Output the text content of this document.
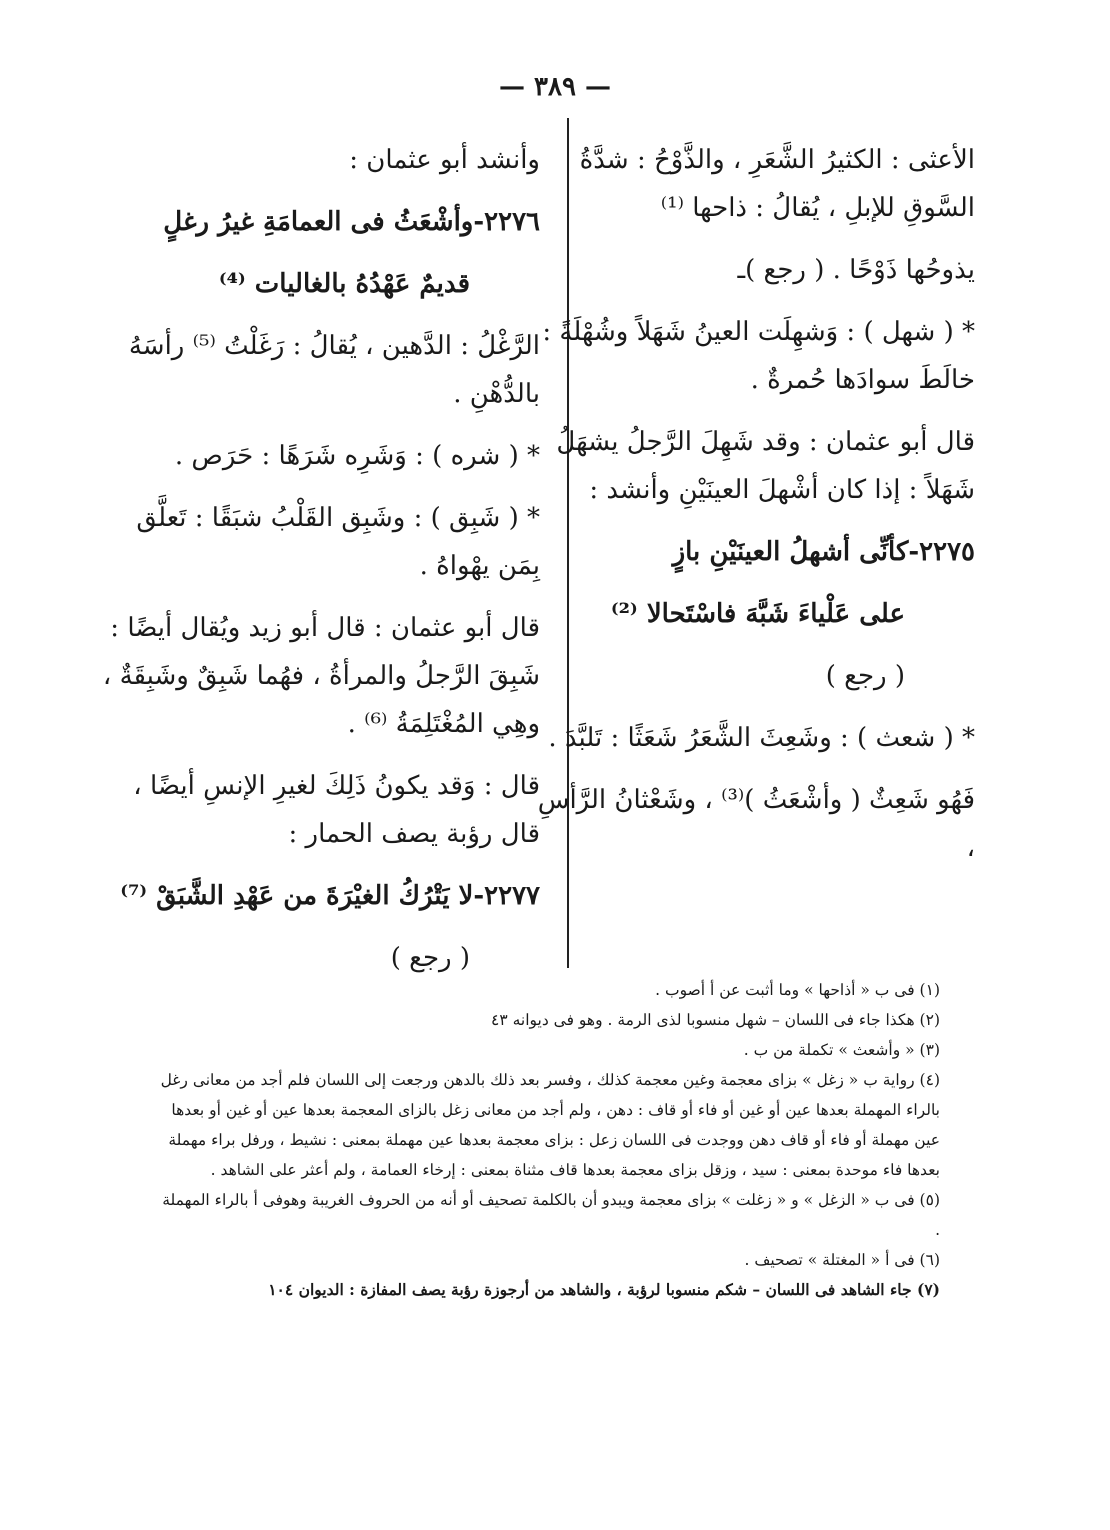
— ٣٨٩ —

الأعثى : الكثيرُ الشَّعَرِ ، والذَّوْحُ : شدَّةُ السَّوقِ للإبلِ ، يُقالُ : ذاحها ⁽¹⁾

يذوحُها ذَوْحًا . ( رجع )ـ

* ( شهل ) : وَشهِلَت العينُ شَهَلاً وشُهْلَةً : خالَطَ سوادَها حُمرةٌ .

قال أبو عثمان : وقد شَهِلَ الرَّجلُ يشهَلُ شَهَلاً : إذا كان أشْهلَ العينَيْنِ وأنشد :

٢٢٧٥-كأنِّى أشهلُ العينَيْنِ بازٍ

على عَلْياءَ شَبَّهَ فاسْتَحالا ⁽²⁾

( رجع )

* ( شعث ) : وشَعِثَ الشَّعَرُ شَعَثًا : تَلبَّدَ .

فَهُو شَعِثٌ ( وأشْعَثُ )⁽³⁾ ، وشَعْثانُ الرَّأسِ ،

وأنشد أبو عثمان :

٢٢٧٦-وأشْعَثُ فى العمامَةِ غيرُ رغلٍ

قديمٌ عَهْدُهُ بالغاليات ⁽⁴⁾

الرَّغْلُ : الدَّهين ، يُقالُ : رَغَلْتُ ⁽⁵⁾ رأسَهُ بالدُّهْنِ .

* ( شره ) : وَشَرِه شَرَهًا : حَرَص .

* ( شَبِق ) : وشَبِق القَلْبُ شبَقًا : تَعلَّق بِمَن يهْواهُ .

قال أبو عثمان : قال أبو زيد ويُقال أيضًا : شَبِقَ الرَّجلُ والمرأةُ ، فهُما شَبِقٌ وشَبِقَةٌ ، وهِي المُغْتَلِمَةُ ⁽⁶⁾ .

قال : وَقد يكونُ ذَلِكَ لغيرِ الإنسِ أيضًا ، قال رؤبة يصف الحمار :

٢٢٧٧-لا يَتْرُكُ الغيْرَةَ من عَهْدِ الشَّبَقْ ⁽⁷⁾

( رجع )

(١) فى ب « أذاحها » وما أثبت عن أ أصوب .

(٢) هكذا جاء فى اللسان – شهل منسوبا لذى الرمة . وهو فى ديوانه ٤٣

(٣) « وأشعث » تكملة من ب .

(٤) رواية ب « زغل » بزاى معجمة وغين معجمة كذلك ، وفسر بعد ذلك بالدهن ورجعت إلى اللسان فلم أجد من معانى رغل بالراء المهملة بعدها عين أو غين أو فاء أو قاف : دهن ، ولم أجد من معانى زغل بالزاى المعجمة بعدها عين أو غين أو بعدها عين مهملة أو فاء أو قاف دهن ووجدت فى اللسان زعل : بزاى معجمة بعدها عين مهملة بمعنى : نشيط ، ورفل براء مهملة بعدها فاء موحدة بمعنى : سيد ، وزقل بزاى معجمة بعدها قاف مثناة بمعنى : إرخاء العمامة ، ولم أعثر على الشاهد .

(٥) فى ب « الزغل » و « زغلت » بزاى معجمة ويبدو أن بالكلمة تصحيف أو أنه من الحروف الغريبة وهوفى أ بالراء المهملة .

(٦) فى أ « المغتلة » تصحيف .

(٧) جاء الشاهد فى اللسان – شكم منسوبا لرؤبة ، والشاهد من أرجوزة رؤبة يصف المفازة : الديوان ١٠٤
